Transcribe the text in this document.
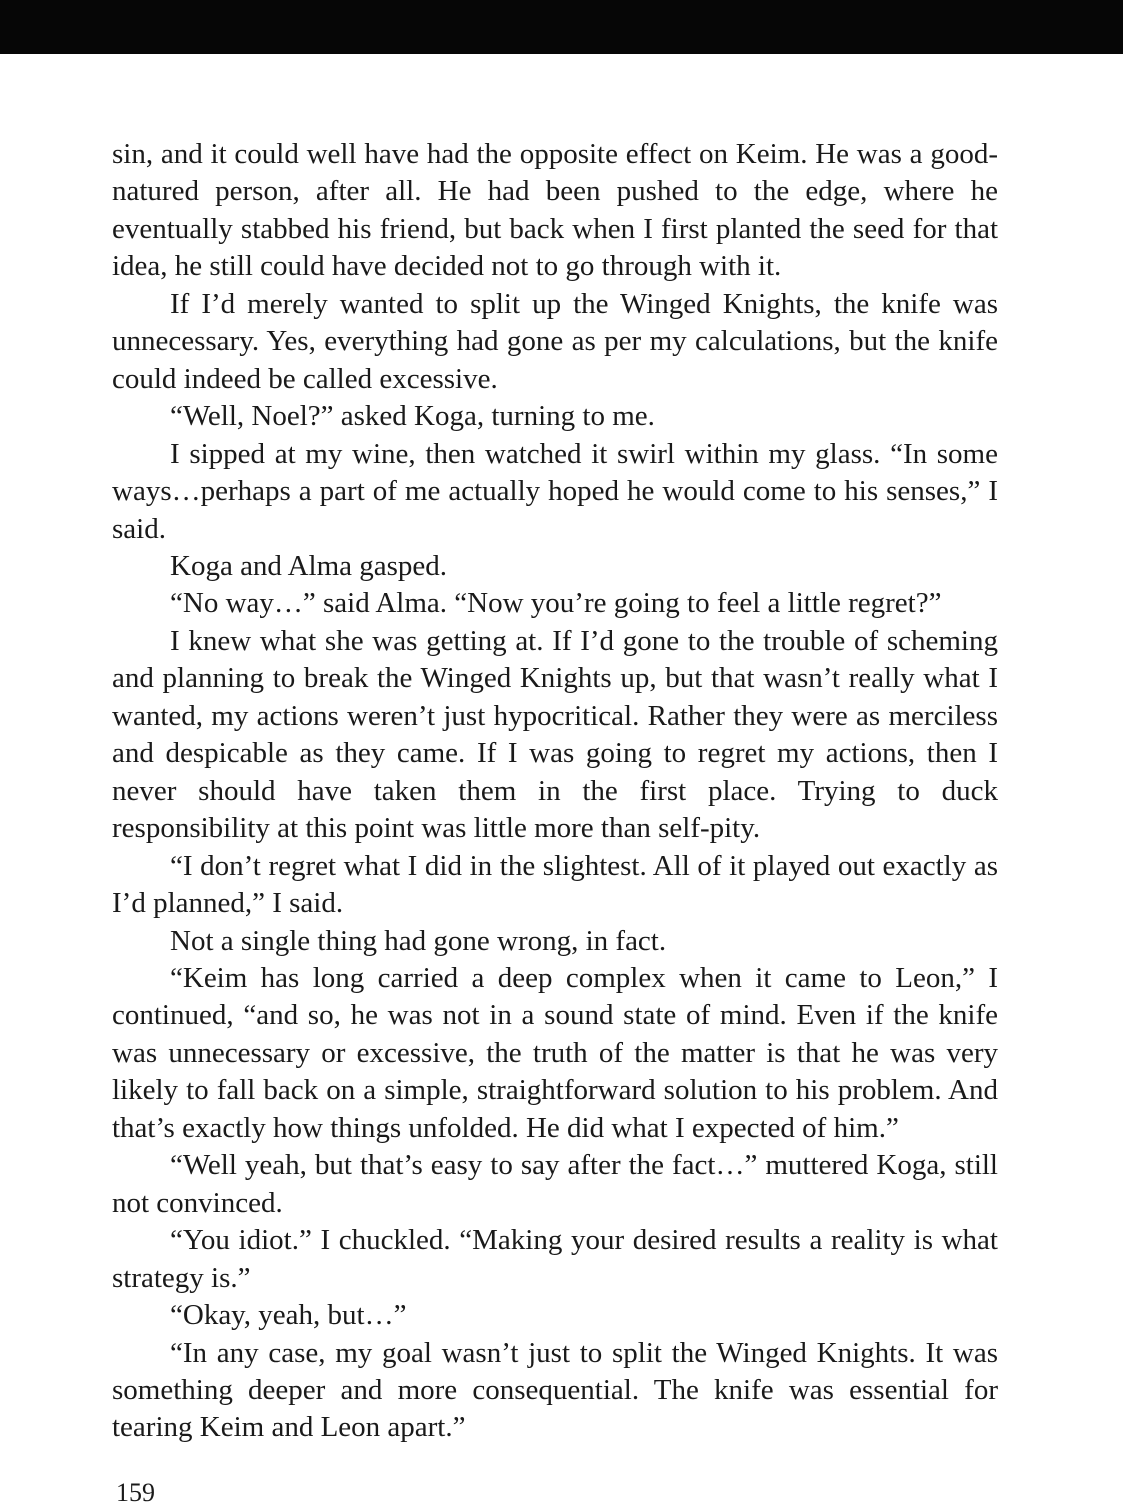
sin, and it could well have had the opposite effect on Keim. He was a good-natured person, after all. He had been pushed to the edge, where he eventually stabbed his friend, but back when I first planted the seed for that idea, he still could have decided not to go through with it.

If I’d merely wanted to split up the Winged Knights, the knife was unnecessary. Yes, everything had gone as per my calculations, but the knife could indeed be called excessive.

“Well, Noel?” asked Koga, turning to me.

I sipped at my wine, then watched it swirl within my glass. “In some ways…perhaps a part of me actually hoped he would come to his senses,” I said.

Koga and Alma gasped.

“No way…” said Alma. “Now you’re going to feel a little regret?”

I knew what she was getting at. If I’d gone to the trouble of scheming and planning to break the Winged Knights up, but that wasn’t really what I wanted, my actions weren’t just hypocritical. Rather they were as merciless and despicable as they came. If I was going to regret my actions, then I never should have taken them in the first place. Trying to duck responsibility at this point was little more than self-pity.

“I don’t regret what I did in the slightest. All of it played out exactly as I’d planned,” I said.

Not a single thing had gone wrong, in fact.

“Keim has long carried a deep complex when it came to Leon,” I continued, “and so, he was not in a sound state of mind. Even if the knife was unnecessary or excessive, the truth of the matter is that he was very likely to fall back on a simple, straightforward solution to his problem. And that’s exactly how things unfolded. He did what I expected of him.”

“Well yeah, but that’s easy to say after the fact…” muttered Koga, still not convinced.

“You idiot.” I chuckled. “Making your desired results a reality is what strategy is.”

“Okay, yeah, but…”

“In any case, my goal wasn’t just to split the Winged Knights. It was something deeper and more consequential. The knife was essential for tearing Keim and Leon apart.”

159
